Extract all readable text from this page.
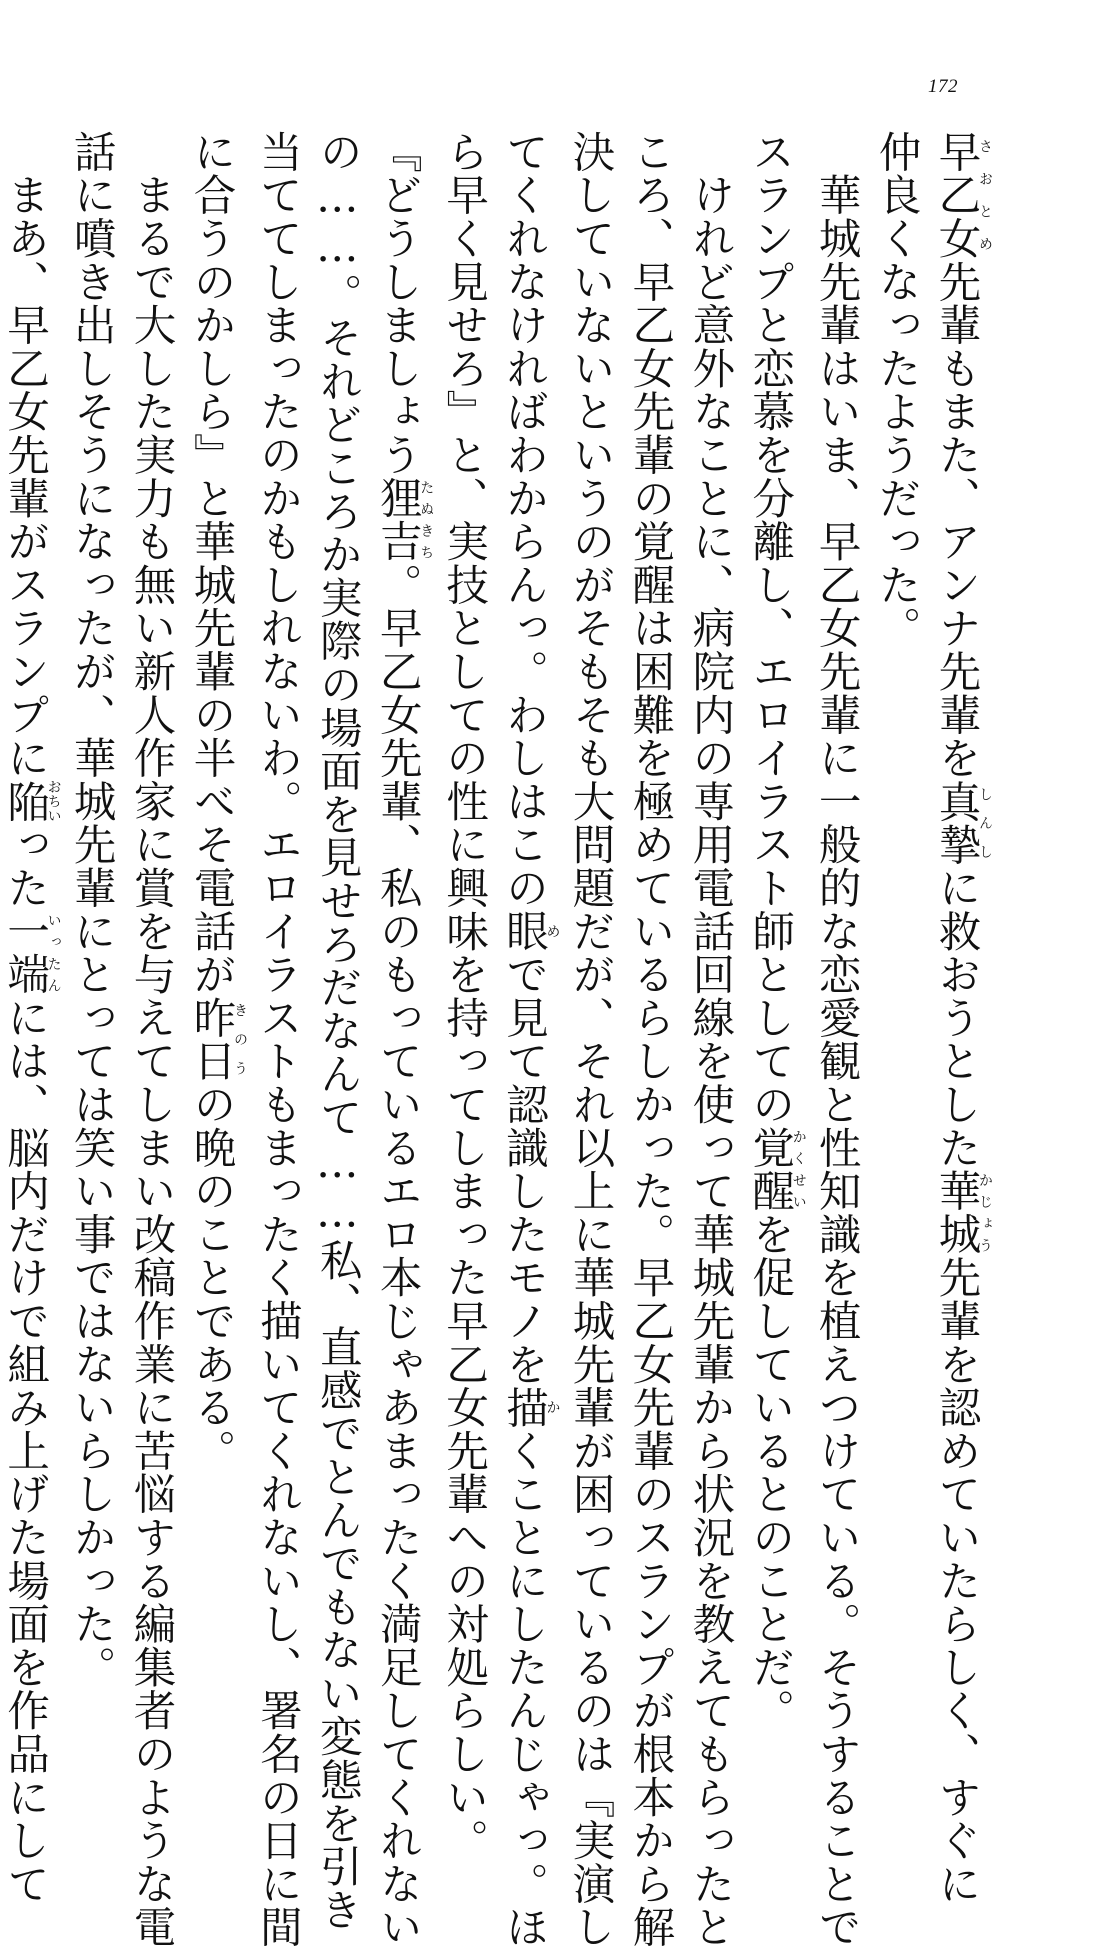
172
早乙女さおとめ先輩もまた、アンナ先輩を真摯しんしに救おうとした華城かじょう先輩を認めていたらしく、すぐに
仲良くなったようだった。
　華城先輩はいま、早乙女先輩に一般的な恋愛観と性知識を植えつけている。そうすることで
スランプと恋慕を分離し、エロイラスト師としての覚醒かくせいを促しているとのことだ。
　けれど意外なことに、病院内の専用電話回線を使って華城先輩から状況を教えてもらったと
ころ、早乙女先輩の覚醒は困難を極めているらしかった。早乙女先輩のスランプが根本から解
決していないというのがそもそも大問題だが、それ以上に華城先輩が困っているのは『実演し
てくれなければわからんっ。わしはこの眼めで見て認識したモノを描かくことにしたんじゃっ。ほ
ら早く見せろ』と、実技としての性に興味を持ってしまった早乙女先輩への対処らしい。
『どうしましょう狸吉たぬきち。早乙女先輩、私のもっているエロ本じゃあまったく満足してくれない
の……。それどころか実際の場面を見せろだなんて……私、直感でとんでもない変態を引き
当ててしまったのかもしれないわ。エロイラストもまったく描いてくれないし、署名の日に間
に合うのかしら』と華城先輩の半べそ電話が昨日きのうの晩のことである。
　まるで大した実力も無い新人作家に賞を与えてしまい改稿作業に苦悩する編集者のような電
話に噴き出しそうになったが、華城先輩にとっては笑い事ではないらしかった。
　まあ、早乙女先輩がスランプに陥おちいった一端いったんには、脳内だけで組み上げた場面を作品にして
